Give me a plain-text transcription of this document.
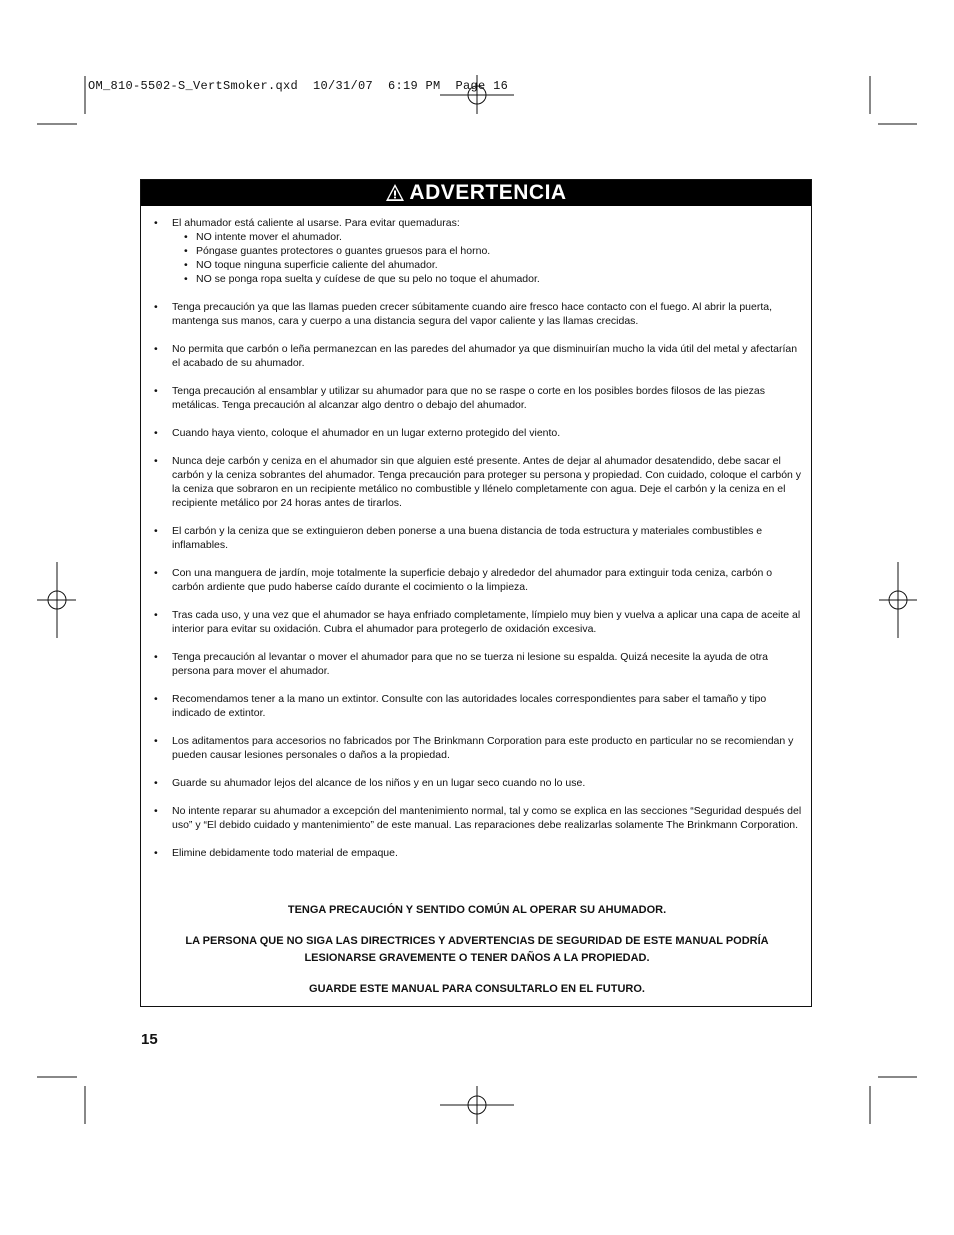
OM_810-5502-S_VertSmoker.qxd  10/31/07  6:19 PM  Page 16
ADVERTENCIA
• El ahumador está caliente al usarse. Para evitar quemaduras:
• NO intente mover el ahumador.
• Póngase guantes protectores o guantes gruesos para el horno.
• NO toque ninguna superficie caliente del ahumador.
• NO se ponga ropa suelta y cuídese de que su pelo no toque el ahumador.
• Tenga precaución ya que las llamas pueden crecer súbitamente cuando aire fresco hace contacto con el fuego. Al abrir la puerta, mantenga sus manos, cara y cuerpo a una distancia segura del vapor caliente y las llamas crecidas.
• No permita que carbón o leña permanezcan en las paredes del ahumador ya que disminuirían mucho la vida útil del metal y afectarían el acabado de su ahumador.
• Tenga precaución al ensamblar y utilizar su ahumador para que no se raspe o corte en los posibles bordes filosos de las piezas metálicas. Tenga precaución al alcanzar algo dentro o debajo del ahumador.
• Cuando haya viento, coloque el ahumador en un lugar externo protegido del viento.
• Nunca deje carbón y ceniza en el ahumador sin que alguien esté presente. Antes de dejar al ahumador desatendido, debe sacar el carbón y la ceniza sobrantes del ahumador. Tenga precaución para proteger su persona y propiedad. Con cuidado, coloque el carbón y la ceniza que sobraron en un recipiente metálico no combustible y llénelo completamente con agua. Deje el carbón y la ceniza en el recipiente metálico por 24 horas antes de tirarlos.
• El carbón y la ceniza que se extinguieron deben ponerse a una buena distancia de toda estructura y materiales combustibles e inflamables.
• Con una manguera de jardín, moje totalmente la superficie debajo y alrededor del ahumador para extinguir toda ceniza, carbón o carbón ardiente que pudo haberse caído durante el cocimiento o la limpieza.
• Tras cada uso, y una vez que el ahumador se haya enfriado completamente, límpielo muy bien y vuelva a aplicar una capa de aceite al interior para evitar su oxidación. Cubra el ahumador para protegerlo de oxidación excesiva.
• Tenga precaución al levantar o mover el ahumador para que no se tuerza ni lesione su espalda. Quizá necesite la ayuda de otra persona para mover el ahumador.
• Recomendamos tener a la mano un extintor. Consulte con las autoridades locales correspondientes para saber el tamaño y tipo indicado de extintor.
• Los aditamentos para accesorios no fabricados por The Brinkmann Corporation para este producto en particular no se recomiendan y pueden causar lesiones personales o daños a la propiedad.
• Guarde su ahumador lejos del alcance de los niños y en un lugar seco cuando no lo use.
• No intente reparar su ahumador a excepción del mantenimiento normal, tal y como se explica en las secciones “Seguridad después del uso” y “El debido cuidado y mantenimiento” de este manual. Las reparaciones debe realizarlas solamente The Brinkmann Corporation.
• Elimine debidamente todo material de empaque.

TENGA PRECAUCIÓN Y SENTIDO COMÚN AL OPERAR SU AHUMADOR.

LA PERSONA QUE NO SIGA LAS DIRECTRICES Y ADVERTENCIAS DE SEGURIDAD DE ESTE MANUAL PODRÍA LESIONARSE GRAVEMENTE O TENER DAÑOS A LA PROPIEDAD.

GUARDE ESTE MANUAL PARA CONSULTARLO EN EL FUTURO.

15
